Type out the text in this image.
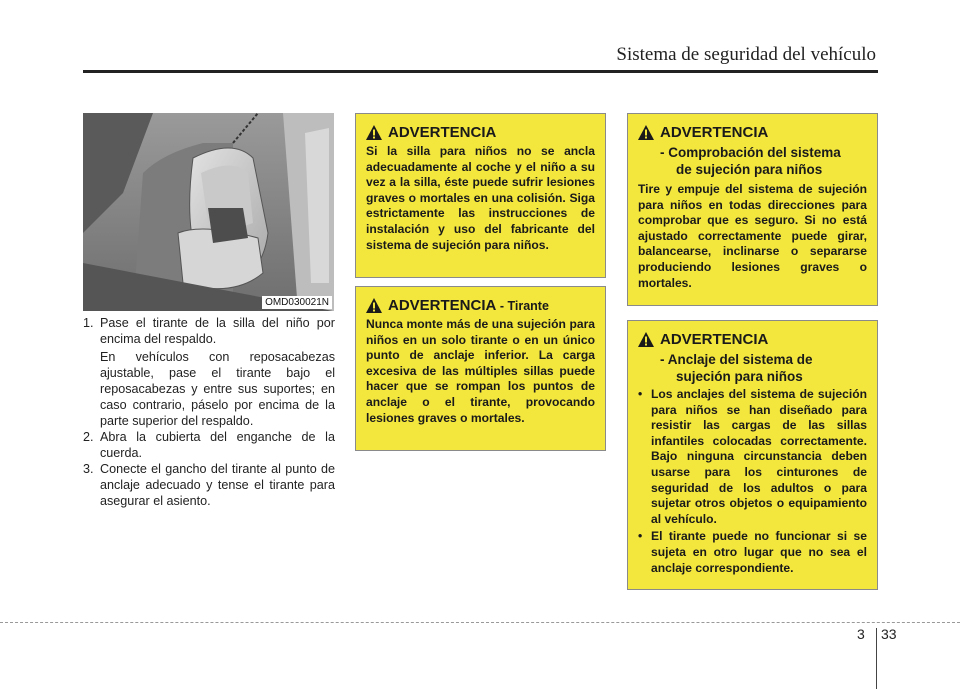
Sistema de seguridad del vehículo
OMD030021N
1. Pase el tirante de la silla del niño por encima del respaldo.

En vehículos con reposacabezas ajustable, pase el tirante bajo el reposacabezas y entre sus suportes; en caso contrario, páselo por encima de la parte superior del respaldo.

2. Abra la cubierta del enganche de la cuerda.
3. Conecte el gancho del tirante al punto de anclaje adecuado y tense el tirante para asegurar el asiento.
ADVERTENCIA
Si la silla para niños no se ancla adecuadamente al coche y el niño a su vez a la silla, éste puede sufrir lesiones graves o mortales en una colisión. Siga estrictamente las instrucciones de instalación y uso del fabricante del sistema de sujeción para niños.
ADVERTENCIA - Tirante
Nunca monte más de una sujeción para niños en un solo tirante o en un único punto de anclaje inferior. La carga excesiva de las múltiples sillas puede hacer que se rompan los puntos de anclaje o el tirante, provocando lesiones graves o mortales.
ADVERTENCIA
- Comprobación del sistema
de sujeción para niños
Tire y empuje del sistema de sujeción para niños en todas direcciones para comprobar que es seguro. Si no está ajustado correctamente puede girar, balancearse, inclinarse o separarse produciendo lesiones graves o mortales.
ADVERTENCIA
- Anclaje del sistema de
sujeción para niños
• Los anclajes del sistema de sujeción para niños se han diseñado para resistir las cargas de las sillas infantiles colocadas correctamente. Bajo ninguna circunstancia deben usarse para los cinturones de seguridad de los adultos o para sujetar otros objetos o equipamiento al vehículo.
• El tirante puede no funcionar si se sujeta en otro lugar que no sea el anclaje correspondiente.
3 33
